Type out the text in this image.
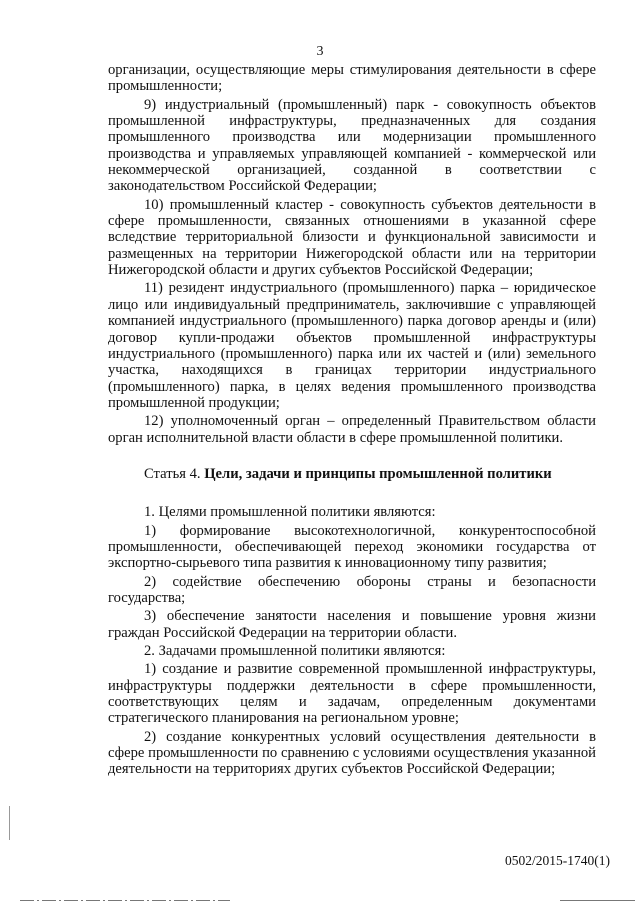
3

организации, осуществляющие меры стимулирования деятельности в сфере промышленности;

9) индустриальный (промышленный) парк - совокупность объектов промышленной инфраструктуры, предназначенных для создания промышленного производства или модернизации промышленного производства и управляемых управляющей компанией - коммерческой или некоммерческой организацией, созданной в соответствии с законодательством Российской Федерации;

10) промышленный кластер - совокупность субъектов деятельности в сфере промышленности, связанных отношениями в указанной сфере вследствие территориальной близости и функциональной зависимости и размещенных на территории Нижегородской области или на территории Нижегородской области и других субъектов Российской Федерации;

11) резидент индустриального (промышленного) парка – юридическое лицо или индивидуальный предприниматель, заключившие с управляющей компанией индустриального (промышленного) парка договор аренды и (или) договор купли-продажи объектов промышленной инфраструктуры индустриального (промышленного) парка или их частей и (или) земельного участка, находящихся в границах территории индустриального (промышленного) парка, в целях ведения промышленного производства промышленной продукции;

12) уполномоченный орган – определенный Правительством области орган исполнительной власти области в сфере промышленной политики.

Статья 4. Цели, задачи и принципы промышленной политики

1. Целями промышленной политики являются:

1) формирование высокотехнологичной, конкурентоспособной промышленности, обеспечивающей переход экономики государства от экспортно-сырьевого типа развития к инновационному типу развития;

2) содействие обеспечению обороны страны и безопасности государства;

3) обеспечение занятости населения и повышение уровня жизни граждан Российской Федерации на территории области.

2. Задачами промышленной политики являются:

1) создание и развитие современной промышленной инфраструктуры, инфраструктуры поддержки деятельности в сфере промышленности, соответствующих целям и задачам, определенным документами стратегического планирования на региональном уровне;

2) создание конкурентных условий осуществления деятельности в сфере промышленности по сравнению с условиями осуществления указанной деятельности на территориях других субъектов Российской Федерации;

0502/2015-1740(1)
